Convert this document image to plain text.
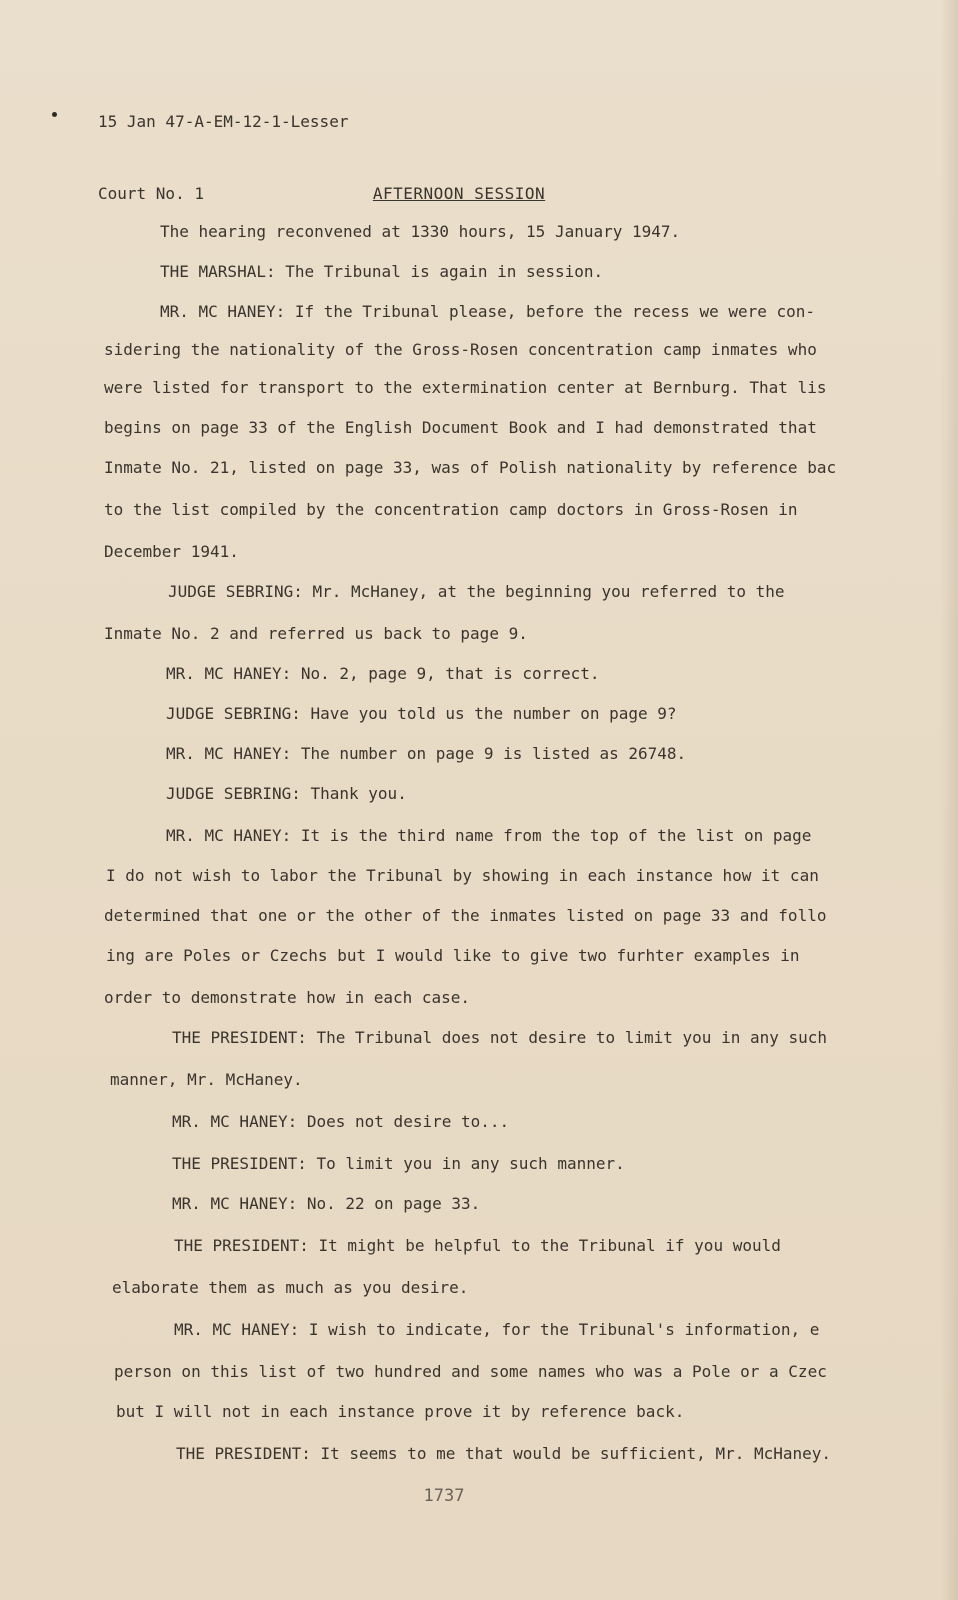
15 Jan 47-A-EM-12-1-Lesser

Court No. 1

	AFTERNOON SESSION
The hearing reconvened at 1330 hours, 15 January 1947.
THE MARSHAL: The Tribunal is again in session.
MR. MC HANEY: If the Tribunal please, before the recess we were con-
sidering the nationality of the Gross-Rosen concentration camp inmates who
were listed for transport to the extermination center at Bernburg. That lis
begins on page 33 of the English Document Book and I had demonstrated that
Inmate No. 21, listed on page 33, was of Polish nationality by reference bac
to the list compiled by the concentration camp doctors in Gross-Rosen in
December 1941.
JUDGE SEBRING: Mr. McHaney, at the beginning you referred to the
Inmate No. 2 and referred us back to page 9.
MR. MC HANEY: No. 2, page 9, that is correct.
JUDGE SEBRING: Have you told us the number on page 9?
MR. MC HANEY: The number on page 9 is listed as 26748.
JUDGE SEBRING: Thank you.
MR. MC HANEY: It is the third name from the top of the list on page
I do not wish to labor the Tribunal by showing in each instance how it can
determined that one or the other of the inmates listed on page 33 and follo
ing are Poles or Czechs but I would like to give two furhter examples in
order to demonstrate how in each case.
THE PRESIDENT: The Tribunal does not desire to limit you in any such
manner, Mr. McHaney.
MR. MC HANEY: Does not desire to...
THE PRESIDENT: To limit you in any such manner.
MR. MC HANEY: No. 22 on page 33.
THE PRESIDENT: It might be helpful to the Tribunal if you would
elaborate them as much as you desire.
MR. MC HANEY: I wish to indicate, for the Tribunal's information, e
person on this list of two hundred and some names who was a Pole or a Czec
but I will not in each instance prove it by reference back.
THE PRESIDENT: It seems to me that would be sufficient, Mr. McHaney.
1737
